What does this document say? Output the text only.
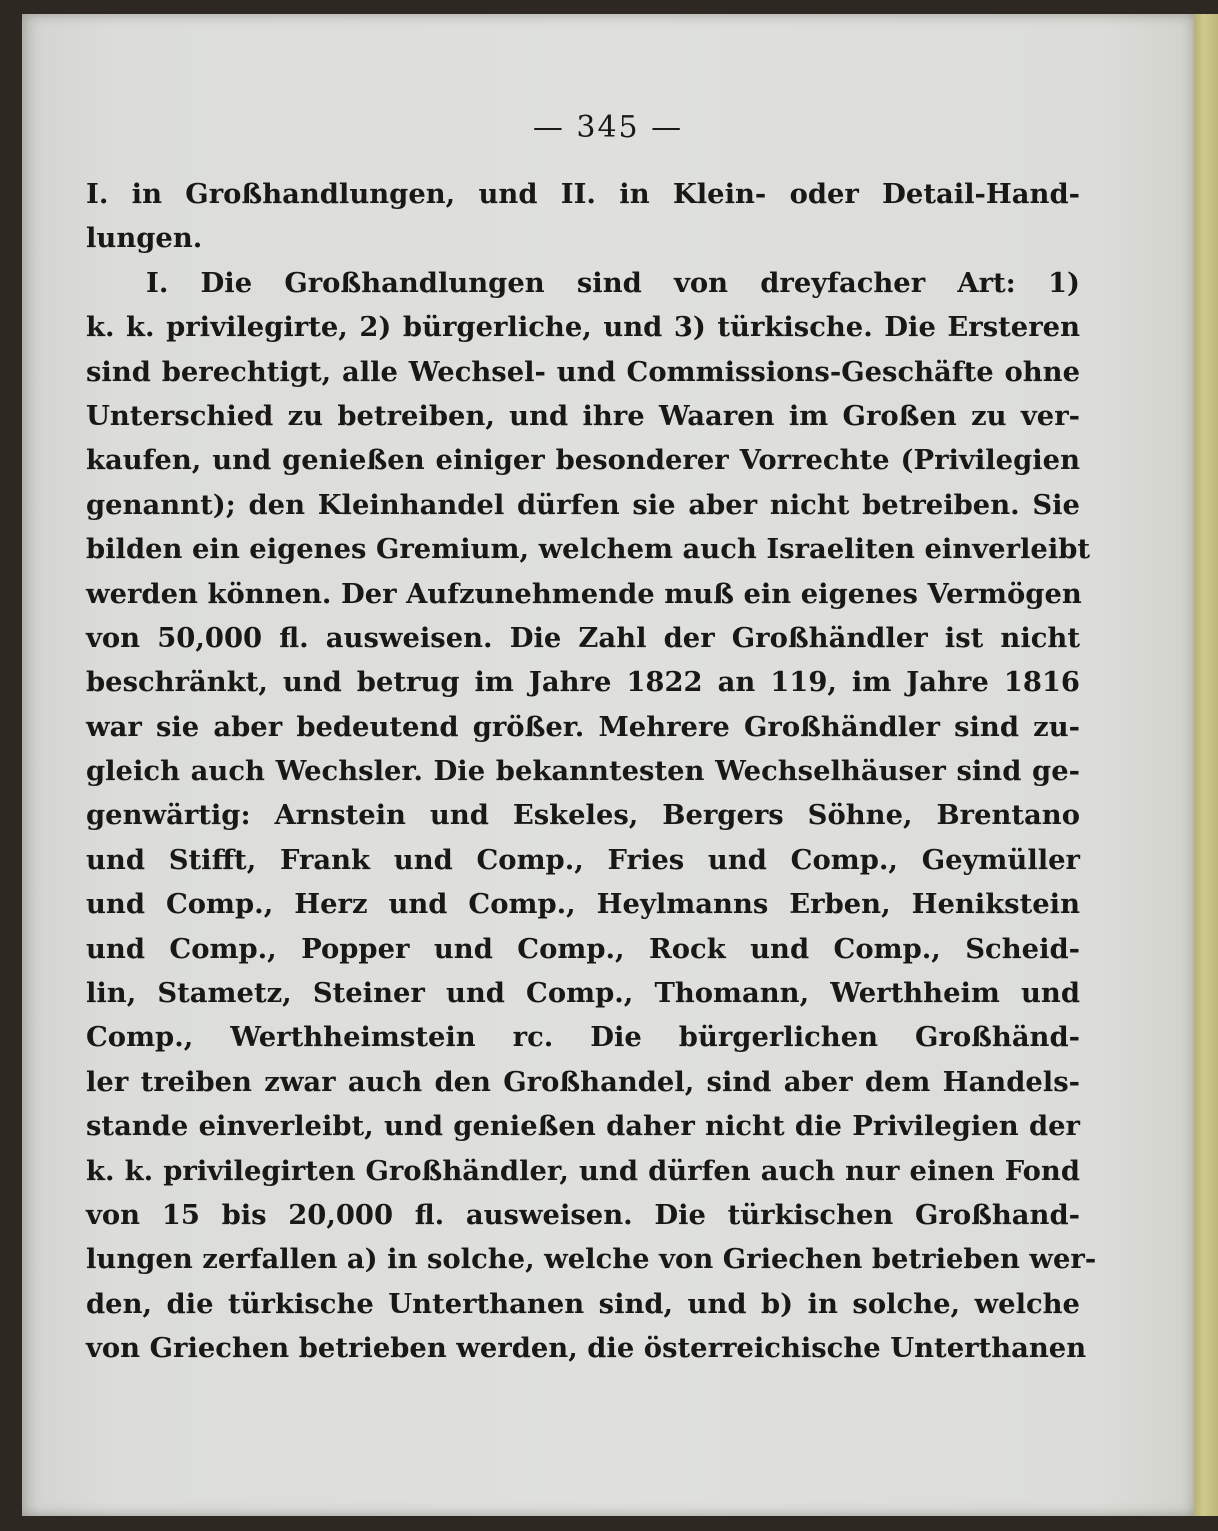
— 345 —
I. in Großhandlungen, und II. in Klein- oder Detail-Hand-
lungen.
I. Die Großhandlungen sind von dreyfacher Art: 1)
k. k. privilegirte, 2) bürgerliche, und 3) türkische. Die Ersteren
sind berechtigt, alle Wechsel- und Commissions-Geschäfte ohne
Unterschied zu betreiben, und ihre Waaren im Großen zu ver-
kaufen, und genießen einiger besonderer Vorrechte (Privilegien
genannt); den Kleinhandel dürfen sie aber nicht betreiben. Sie
bilden ein eigenes Gremium, welchem auch Israeliten einverleibt
werden können. Der Aufzunehmende muß ein eigenes Vermögen
von 50,000 fl. ausweisen. Die Zahl der Großhändler ist nicht
beschränkt, und betrug im Jahre 1822 an 119, im Jahre 1816
war sie aber bedeutend größer. Mehrere Großhändler sind zu-
gleich auch Wechsler. Die bekanntesten Wechselhäuser sind ge-
genwärtig: Arnstein und Eskeles, Bergers Söhne, Brentano
und Stifft, Frank und Comp., Fries und Comp., Geymüller
und Comp., Herz und Comp., Heylmanns Erben, Henikstein
und Comp., Popper und Comp., Rock und Comp., Scheid-
lin, Stametz, Steiner und Comp., Thomann, Werthheim und
Comp., Werthheimstein rc. Die bürgerlichen Großhänd-
ler treiben zwar auch den Großhandel, sind aber dem Handels-
stande einverleibt, und genießen daher nicht die Privilegien der
k. k. privilegirten Großhändler, und dürfen auch nur einen Fond
von 15 bis 20,000 fl. ausweisen. Die türkischen Großhand-
lungen zerfallen a) in solche, welche von Griechen betrieben wer-
den, die türkische Unterthanen sind, und b) in solche, welche
von Griechen betrieben werden, die österreichische Unterthanen
